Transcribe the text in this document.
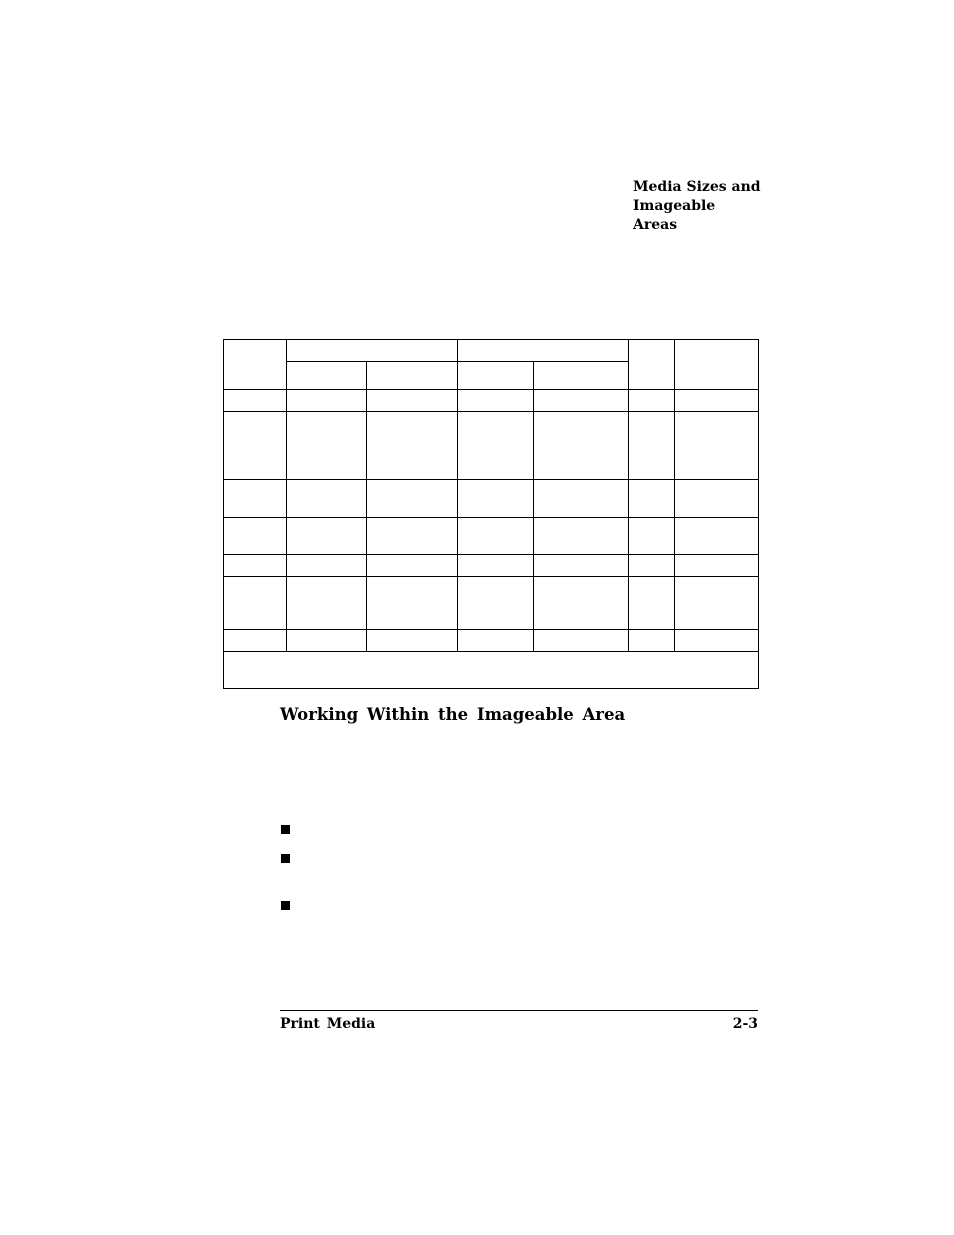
Media Sizes and
Imageable
Areas

Working Within the Imageable Area
Print Media	2-3
